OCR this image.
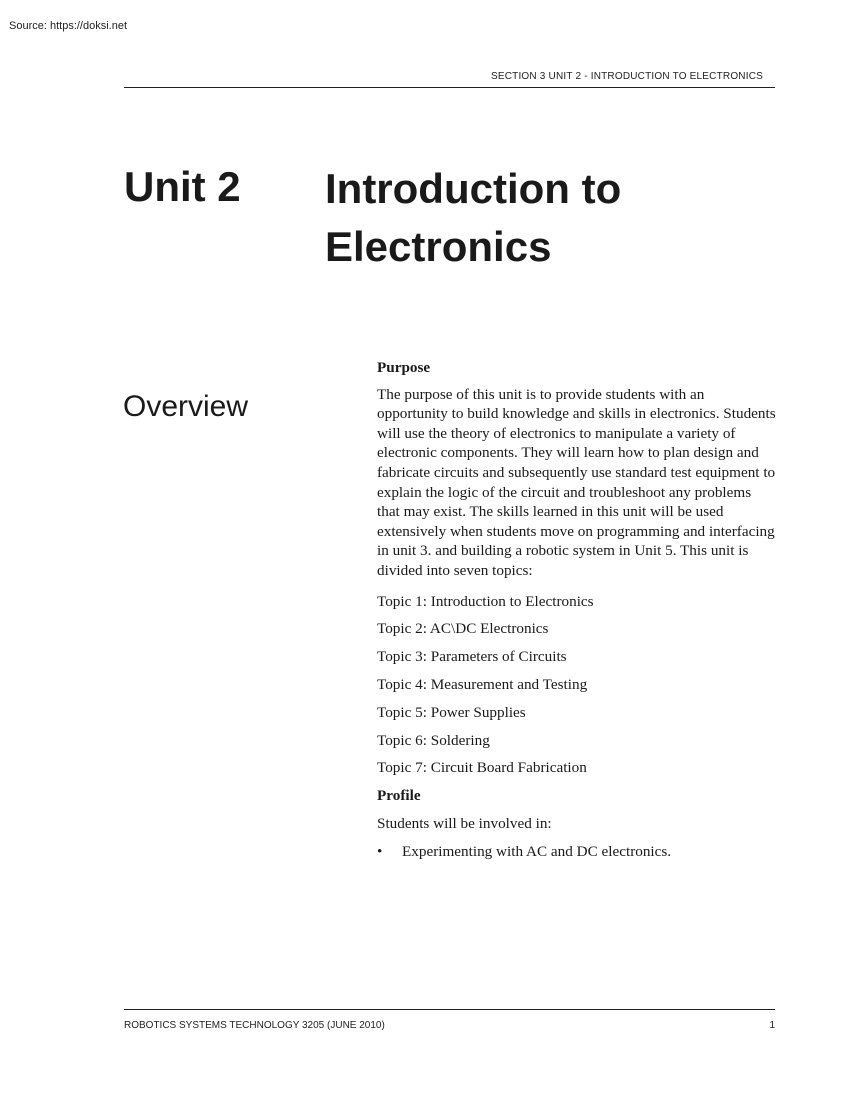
Source: https://doksi.net
SECTION 3 UNIT 2 - INTRODUCTION TO ELECTRONICS
Unit 2 Introduction to
Electronics
Overview

Purpose

The purpose of this unit is to provide students with an opportunity to build knowledge and skills in electronics. Students will use the theory of electronics to manipulate a variety of electronic components. They will learn how to plan design and fabricate circuits and subsequently use standard test equipment to explain the logic of the circuit and troubleshoot any problems that may exist. The skills learned in this unit will be used extensively when students move on programming and interfacing in unit 3. and building a robotic system in Unit 5. This unit is divided into seven topics:

Topic 1: Introduction to Electronics

Topic 2: AC\DC Electronics

Topic 3: Parameters of Circuits

Topic 4: Measurement and Testing

Topic 5: Power Supplies

Topic 6: Soldering

Topic 7: Circuit Board Fabrication

Profile

Students will be involved in:

•	Experimenting with AC and DC electronics.
ROBOTICS SYSTEMS TECHNOLOGY 3205 (JUNE 2010)	1
